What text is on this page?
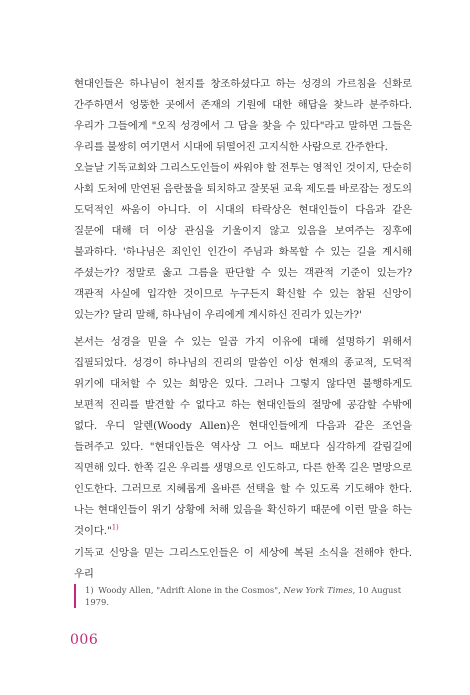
현대인들은 하나님이 천지를 창조하셨다고 하는 성경의 가르침을 신화로 간주하면서 엉뚱한 곳에서 존재의 기원에 대한 해답을 찾느라 분주하다. 우리가 그들에게 "오직 성경에서 그 답을 찾을 수 있다"라고 말하면 그들은 우리를 불쌍히 여기면서 시대에 뒤떨어진 고지식한 사람으로 간주한다.

오늘날 기독교회와 그리스도인들이 싸워야 할 전투는 영적인 것이지, 단순히 사회 도처에 만연된 음란물을 퇴치하고 잘못된 교육 제도를 바로잡는 정도의 도덕적인 싸움이 아니다. 이 시대의 타락상은 현대인들이 다음과 같은 질문에 대해 더 이상 관심을 기울이지 않고 있음을 보여주는 징후에 불과하다. '하나님은 죄인인 인간이 주님과 화목할 수 있는 길을 계시해 주셨는가? 정말로 옳고 그름을 판단할 수 있는 객관적 기준이 있는가? 객관적 사실에 입각한 것이므로 누구든지 확신할 수 있는 참된 신앙이 있는가? 달리 말해, 하나님이 우리에게 계시하신 진리가 있는가?'

본서는 성경을 믿을 수 있는 일곱 가지 이유에 대해 설명하기 위해서 집필되었다. 성경이 하나님의 진리의 말씀인 이상 현재의 종교적, 도덕적 위기에 대처할 수 있는 희망은 있다. 그러나 그렇지 않다면 불행하게도 보편적 진리를 발견할 수 없다고 하는 현대인들의 절망에 공감할 수밖에 없다. 우디 알렌(Woody Allen)은 현대인들에게 다음과 같은 조언을 들려주고 있다. "현대인들은 역사상 그 어느 때보다 심각하게 갈림길에 직면해 있다. 한쪽 길은 우리를 생명으로 인도하고, 다른 한쪽 길은 멸망으로 인도한다. 그러므로 지혜롭게 올바른 선택을 할 수 있도록 기도해야 한다. 나는 현대인들이 위기 상황에 처해 있음을 확신하기 때문에 이런 말을 하는 것이다."$^{1)}$

기독교 신앙을 믿는 그리스도인들은 이 세상에 복된 소식을 전해야 한다. 우리

1) Woody Allen, "Adrift Alone in the Cosmos", New York Times, 10 August 1979.
006
